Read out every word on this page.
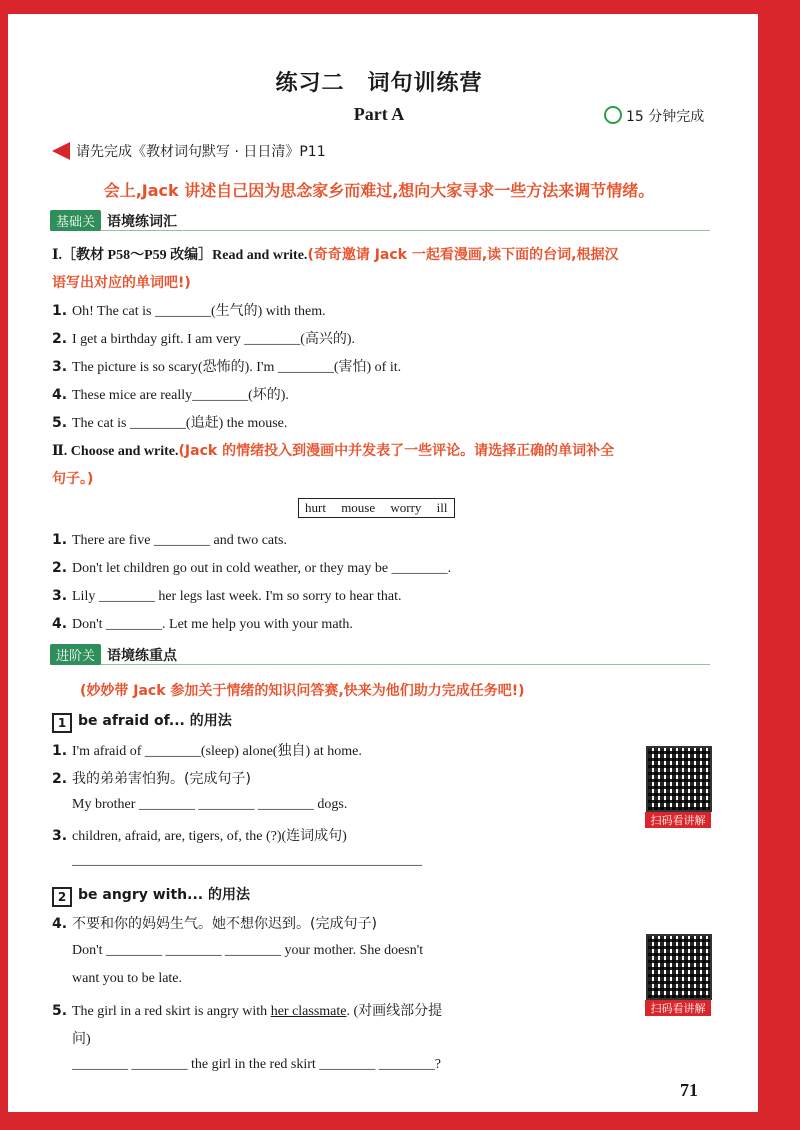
练习二　词句训练营
Part A	15 分钟完成
请先完成《教材词句默写 · 日日清》P11
会上,Jack 讲述自己因为思念家乡而难过,想向大家寻求一些方法来调节情绪。
基础关 语境练词汇
Ⅰ.［教材 P58～P59 改编］Read and write.(奇奇邀请 Jack 一起看漫画,读下面的台词,根据汉
语写出对应的单词吧!)
1. Oh! The cat is ________(生气的) with them.
2. I get a birthday gift. I am very ________(高兴的).
3. The picture is so scary(恐怖的). I'm ________(害怕) of it.
4. These mice are really________(坏的).
5. The cat is ________(追赶) the mouse.
Ⅱ. Choose and write.(Jack 的情绪投入到漫画中并发表了一些评论。请选择正确的单词补全
句子。)
hurt mouse worry ill
1. There are five ________ and two cats.
2. Don't let children go out in cold weather, or they may be ________.
3. Lily ________ her legs last week. I'm so sorry to hear that.
4. Don't ________. Let me help you with your math.
进阶关 语境练重点
(妙妙带 Jack 参加关于情绪的知识问答赛,快来为他们助力完成任务吧!)
1 be afraid of... 的用法
1. I'm afraid of ________(sleep) alone(独自) at home.
2. 我的弟弟害怕狗。(完成句子)
My brother ________ ________ ________ dogs.
3. children, afraid, are, tigers, of, the (?)(连词成句)
__________________________________________________
2 be angry with... 的用法
4. 不要和你的妈妈生气。她不想你迟到。(完成句子)
Don't ________ ________ ________ your mother. She doesn't
want you to be late.
5. The girl in a red skirt is angry with her classmate. (对画线部分提
问)
________ ________ the girl in the red skirt ________ ________?
扫码看讲解
扫码看讲解
71
